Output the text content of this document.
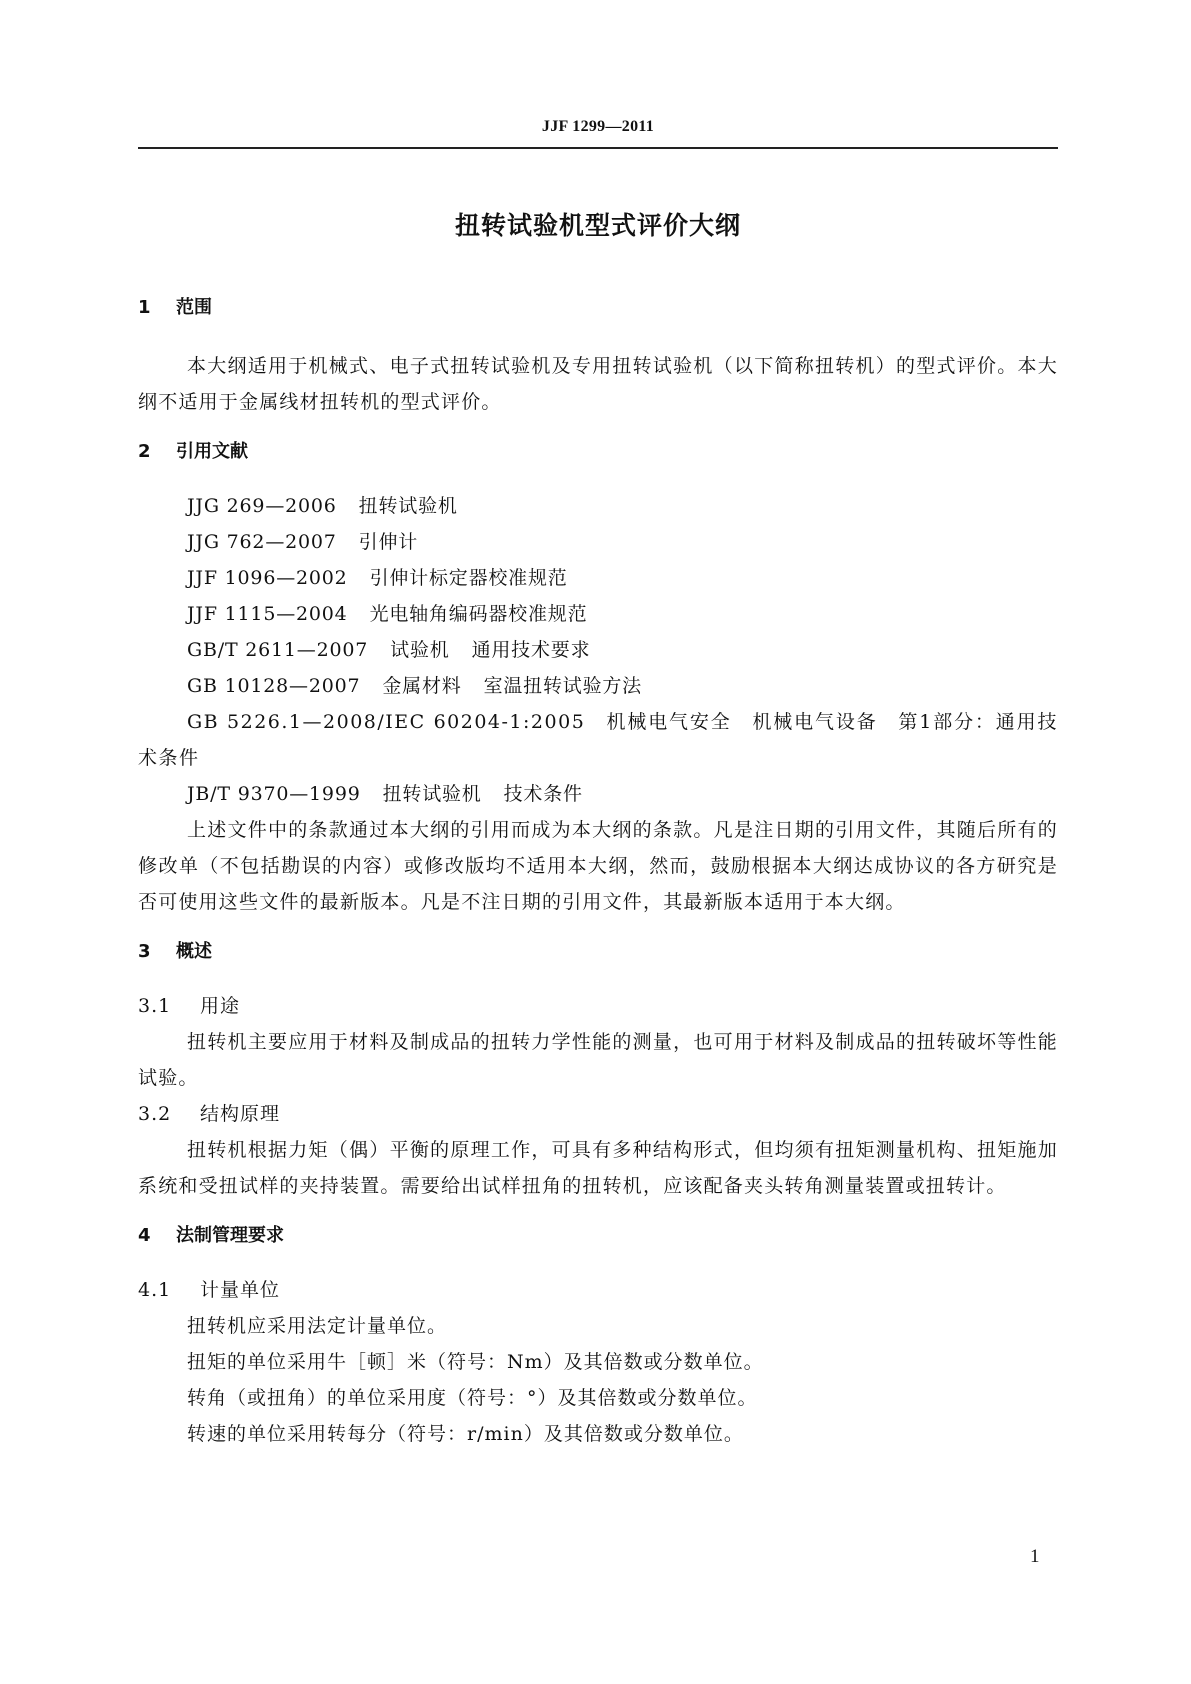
JJF 1299—2011
扭转试验机型式评价大纲
1 范围
本大纲适用于机械式、电子式扭转试验机及专用扭转试验机（以下简称扭转机）的型式评价。本大纲不适用于金属线材扭转机的型式评价。
2 引用文献
JJG 269—2006 扭转试验机
JJG 762—2007 引伸计
JJF 1096—2002 引伸计标定器校准规范
JJF 1115—2004 光电轴角编码器校准规范
GB/T 2611—2007 试验机 通用技术要求
GB 10128—2007 金属材料 室温扭转试验方法
GB 5226.1—2008/IEC 60204-1:2005　机械电气安全　机械电气设备　第1部分：通用技术条件
JB/T 9370—1999 扭转试验机 技术条件
上述文件中的条款通过本大纲的引用而成为本大纲的条款。凡是注日期的引用文件，其随后所有的修改单（不包括勘误的内容）或修改版均不适用本大纲，然而，鼓励根据本大纲达成协议的各方研究是否可使用这些文件的最新版本。凡是不注日期的引用文件，其最新版本适用于本大纲。
3 概述
3.1 用途
扭转机主要应用于材料及制成品的扭转力学性能的测量，也可用于材料及制成品的扭转破坏等性能试验。
3.2 结构原理
扭转机根据力矩（偶）平衡的原理工作，可具有多种结构形式，但均须有扭矩测量机构、扭矩施加系统和受扭试样的夹持装置。需要给出试样扭角的扭转机，应该配备夹头转角测量装置或扭转计。
4 法制管理要求
4.1 计量单位
扭转机应采用法定计量单位。
扭矩的单位采用牛［顿］米（符号：Nm）及其倍数或分数单位。
转角（或扭角）的单位采用度（符号：°）及其倍数或分数单位。
转速的单位采用转每分（符号：r/min）及其倍数或分数单位。
1
